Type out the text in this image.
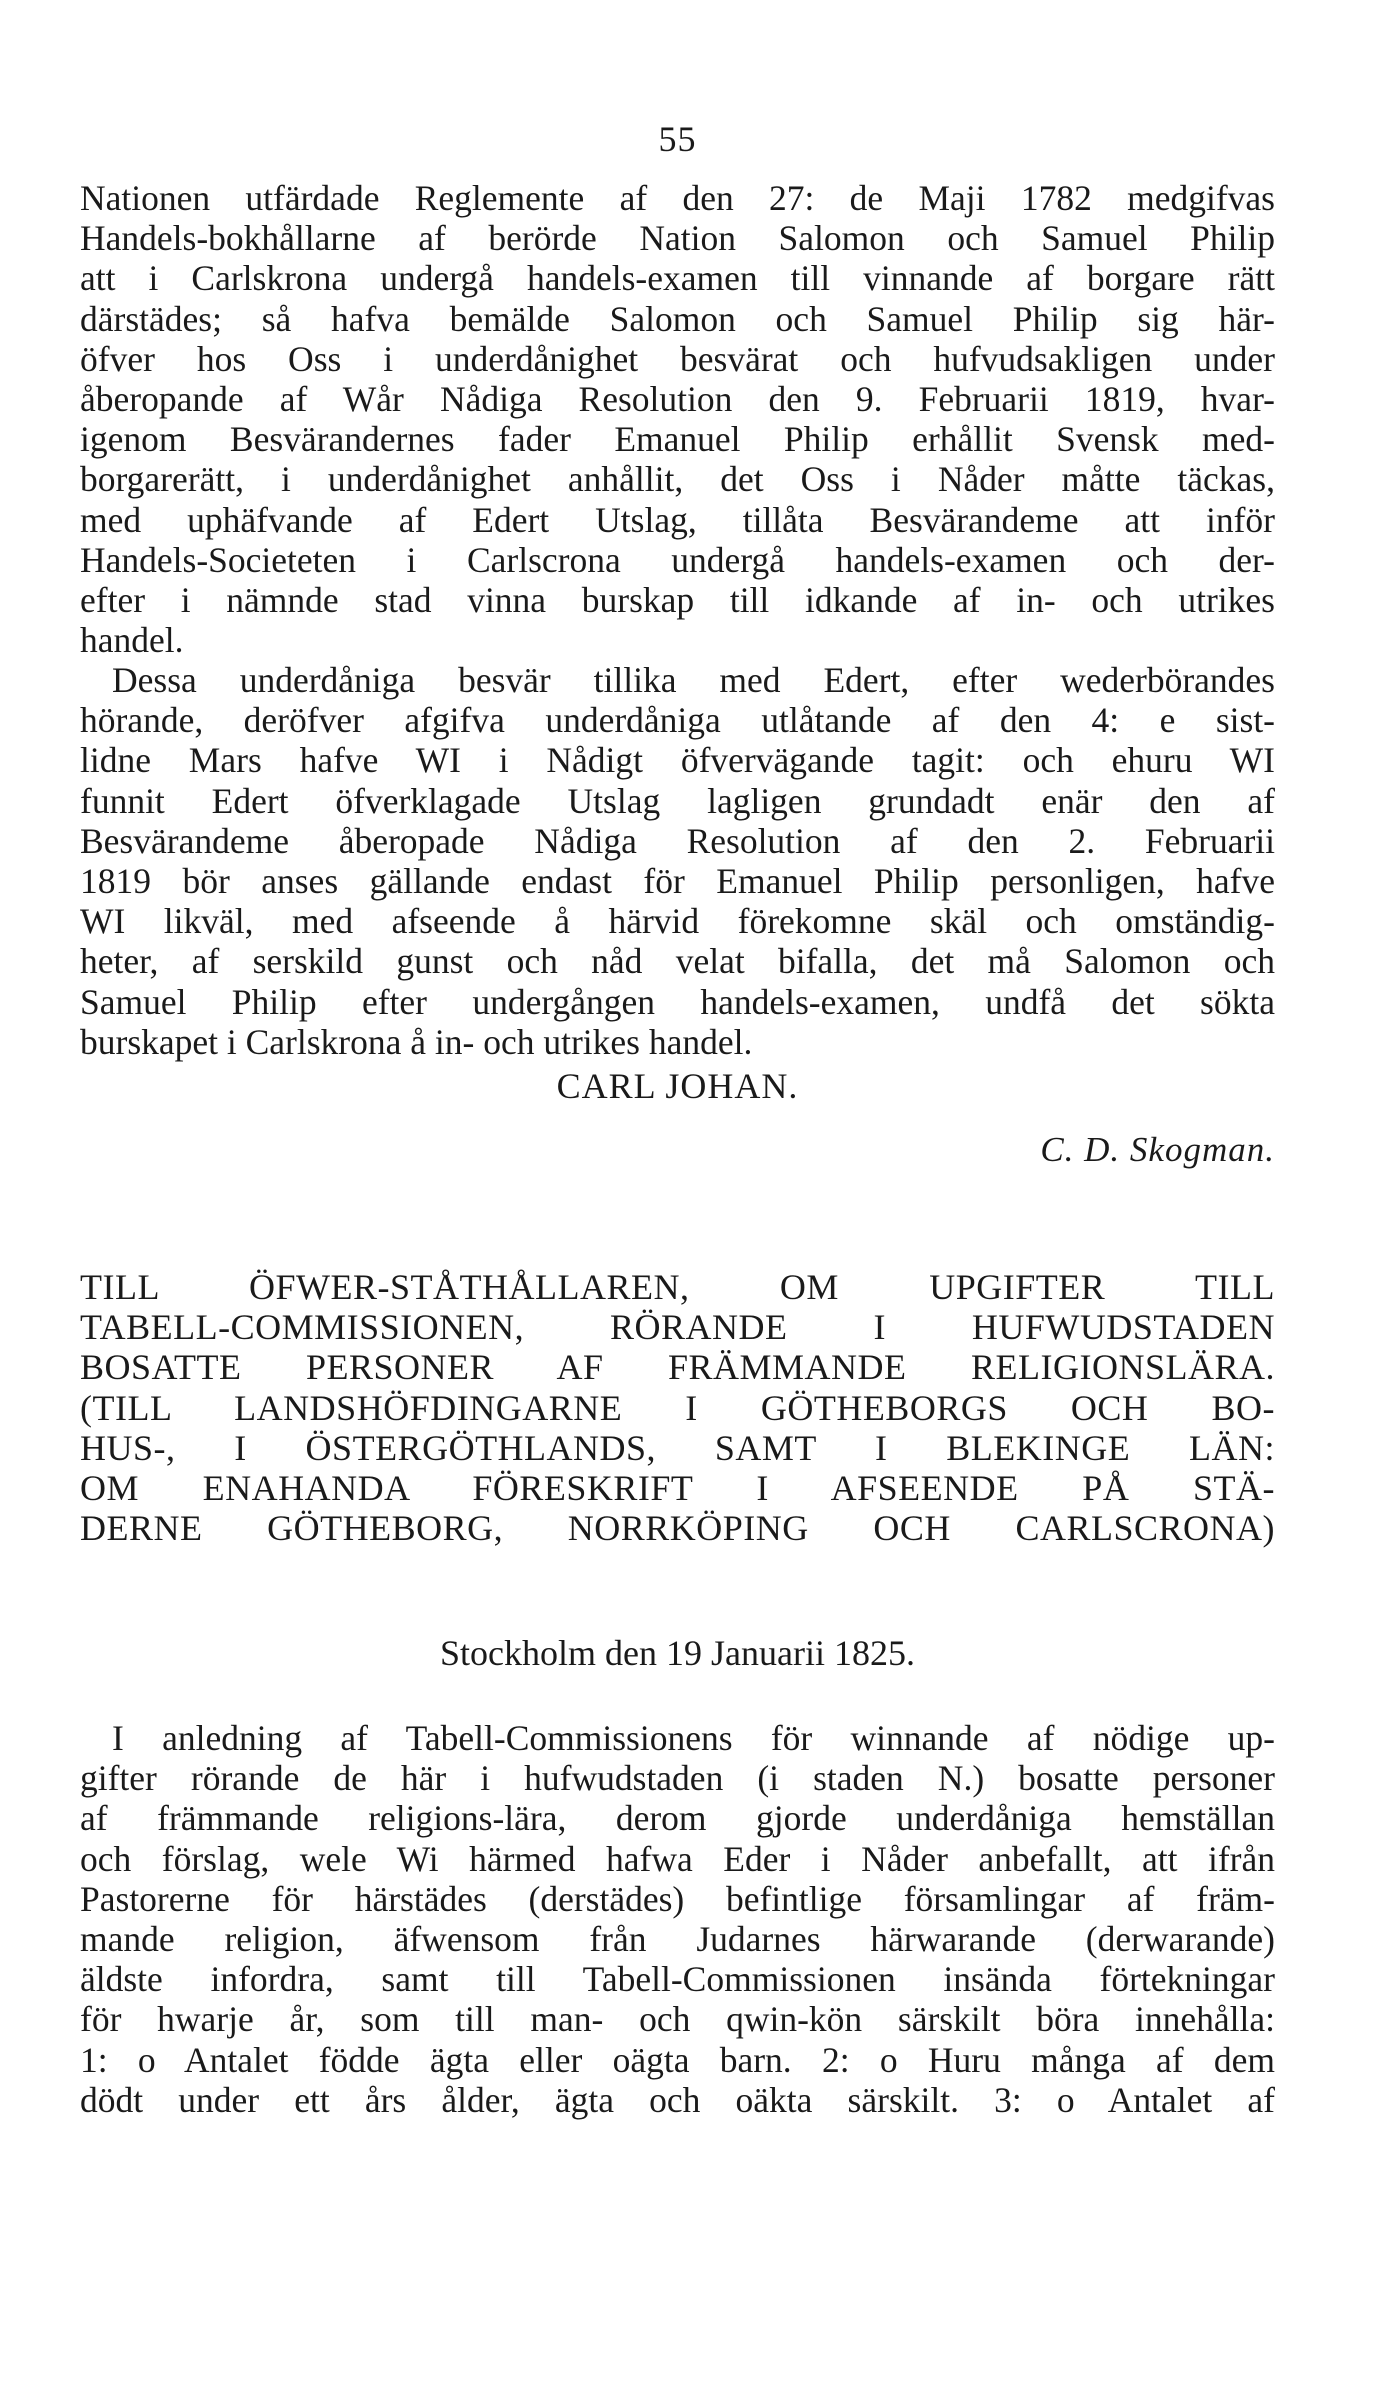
55
Nationen utfärdade Reglemente af den 27: de Maji 1782 medgifvas
Handels-bokhållarne af berörde Nation Salomon och Samuel Philip
att i Carlskrona undergå handels-examen till vinnande af borgare rätt
därstädes; så hafva bemälde Salomon och Samuel Philip sig här-
öfver hos Oss i underdånighet besvärat och hufvudsakligen under
åberopande af Wår Nådiga Resolution den 9. Februarii 1819, hvar-
igenom Besvärandernes fader Emanuel Philip erhållit Svensk med-
borgarerätt, i underdånighet anhållit, det Oss i Nåder måtte täckas,
med uphäfvande af Edert Utslag, tillåta Besvärandeme att inför
Handels-Societeten i Carlscrona undergå handels-examen och der-
efter i nämnde stad vinna burskap till idkande af in- och utrikes
handel.
Dessa underdåniga besvär tillika med Edert, efter wederbörandes
hörande, deröfver afgifva underdåniga utlåtande af den 4: e sist-
lidne Mars hafve WI i Nådigt öfvervägande tagit: och ehuru WI
funnit Edert öfverklagade Utslag lagligen grundadt enär den af
Besvärandeme åberopade Nådiga Resolution af den 2. Februarii
1819 bör anses gällande endast för Emanuel Philip personligen, hafve
WI likväl, med afseende å härvid förekomne skäl och omständig-
heter, af serskild gunst och nåd velat bifalla, det må Salomon och
Samuel Philip efter undergången handels-examen, undfå det sökta
burskapet i Carlskrona å in- och utrikes handel.
CARL JOHAN.
C. D. Skogman.
TILL ÖFWER-STÅTHÅLLAREN, OM UPGIFTER TILL
TABELL-COMMISSIONEN, RÖRANDE I HUFWUDSTADEN
BOSATTE PERSONER AF FRÄMMANDE RELIGIONSLÄRA.
(TILL LANDSHÖFDINGARNE I GÖTHEBORGS OCH BO-
HUS-, I ÖSTERGÖTHLANDS, SAMT I BLEKINGE LÄN:
OM ENAHANDA FÖRESKRIFT I AFSEENDE PÅ STÄ-
DERNE GÖTHEBORG, NORRKÖPING OCH CARLSCRONA)
Stockholm den 19 Januarii 1825.
I anledning af Tabell-Commissionens för winnande af nödige up-
gifter rörande de här i hufwudstaden (i staden N.) bosatte personer
af främmande religions-lära, derom gjorde underdåniga hemställan
och förslag, wele Wi härmed hafwa Eder i Nåder anbefallt, att ifrån
Pastorerne för härstädes (derstädes) befintlige församlingar af främ-
mande religion, äfwensom från Judarnes härwarande (derwarande)
äldste infordra, samt till Tabell-Commissionen insända förtekningar
för hwarje år, som till man- och qwin-kön särskilt böra innehålla:
1: o Antalet födde ägta eller oägta barn. 2: o Huru många af dem
dödt under ett års ålder, ägta och oäkta särskilt. 3: o Antalet af
